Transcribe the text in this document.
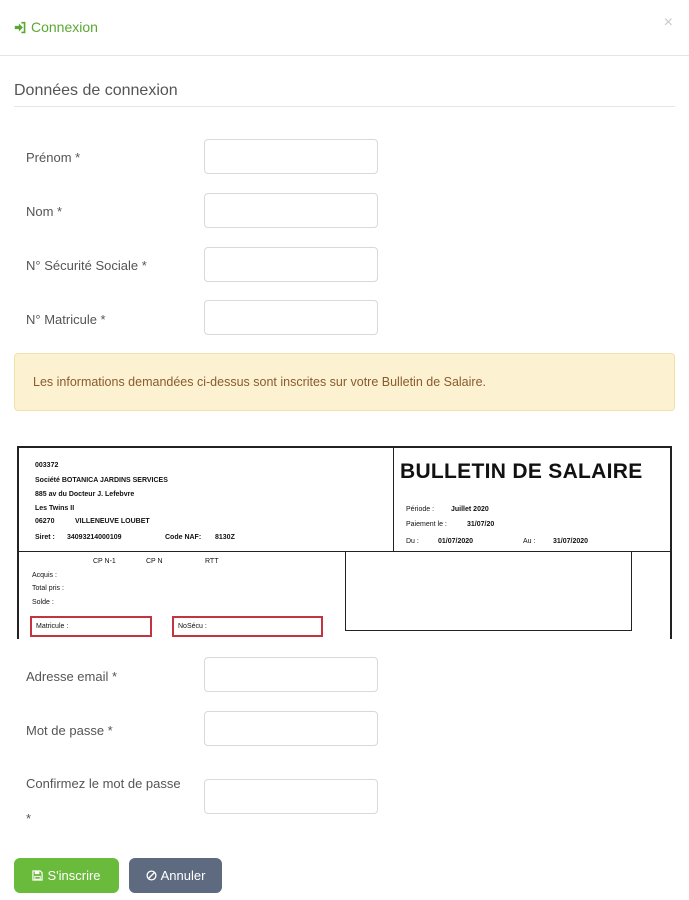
Connexion	×
Données de connexion
Prénom *
Nom *
N° Sécurité Sociale *
N° Matricule *
Les informations demandées ci-dessus sont inscrites sur votre Bulletin de Salaire.
003372
Société BOTANICA JARDINS SERVICES
885 av du Docteur J. Lefebvre
Les Twins II
06270	VILLENEUVE LOUBET
Siret : 34093214000109	Code NAF: 8130Z
BULLETIN DE SALAIRE
Période : Juillet 2020
Paiement le :	31/07/20
Du :	01/07/2020	Au :	31/07/2020
CP N-1	CP N	RTT
Acquis :
Total pris :
Solde :
Matricule :	NoSécu :
Adresse email *
Mot de passe *
Confirmez le mot de passe
*
S'inscrire	Annuler
